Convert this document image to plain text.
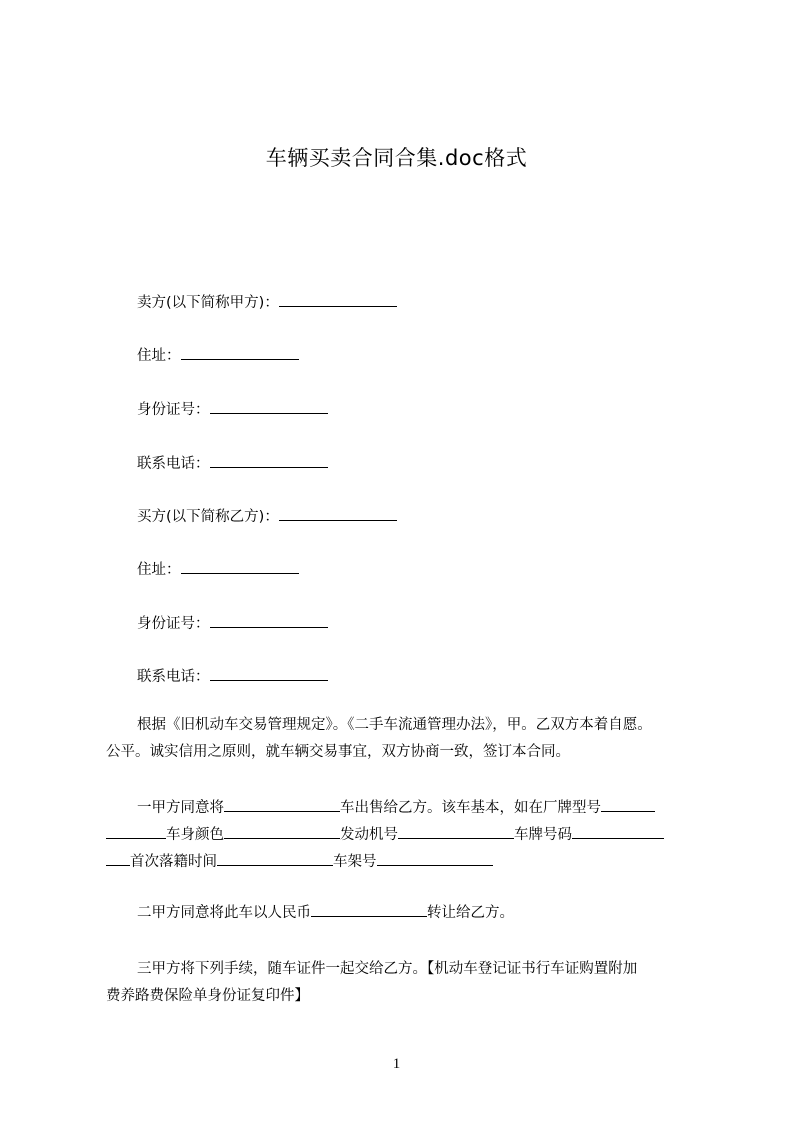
车辆买卖合同合集.doc格式
卖方(以下简称甲方)：
住址：
身份证号：
联系电话：
买方(以下简称乙方)：
住址：
身份证号：
联系电话：
根据《旧机动车交易管理规定》。《二手车流通管理办法》，甲。乙双方本着自愿。
公平。诚实信用之原则，就车辆交易事宜，双方协商一致，签订本合同。
一甲方同意将	车出售给乙方。该车基本，如在厂牌型号
车身颜色	发动机号	车牌号码
首次落籍时间	车架号
二甲方同意将此车以人民币	转让给乙方。
三甲方将下列手续，随车证件一起交给乙方。【机动车登记证书行车证购置附加
费养路费保险单身份证复印件】
1
